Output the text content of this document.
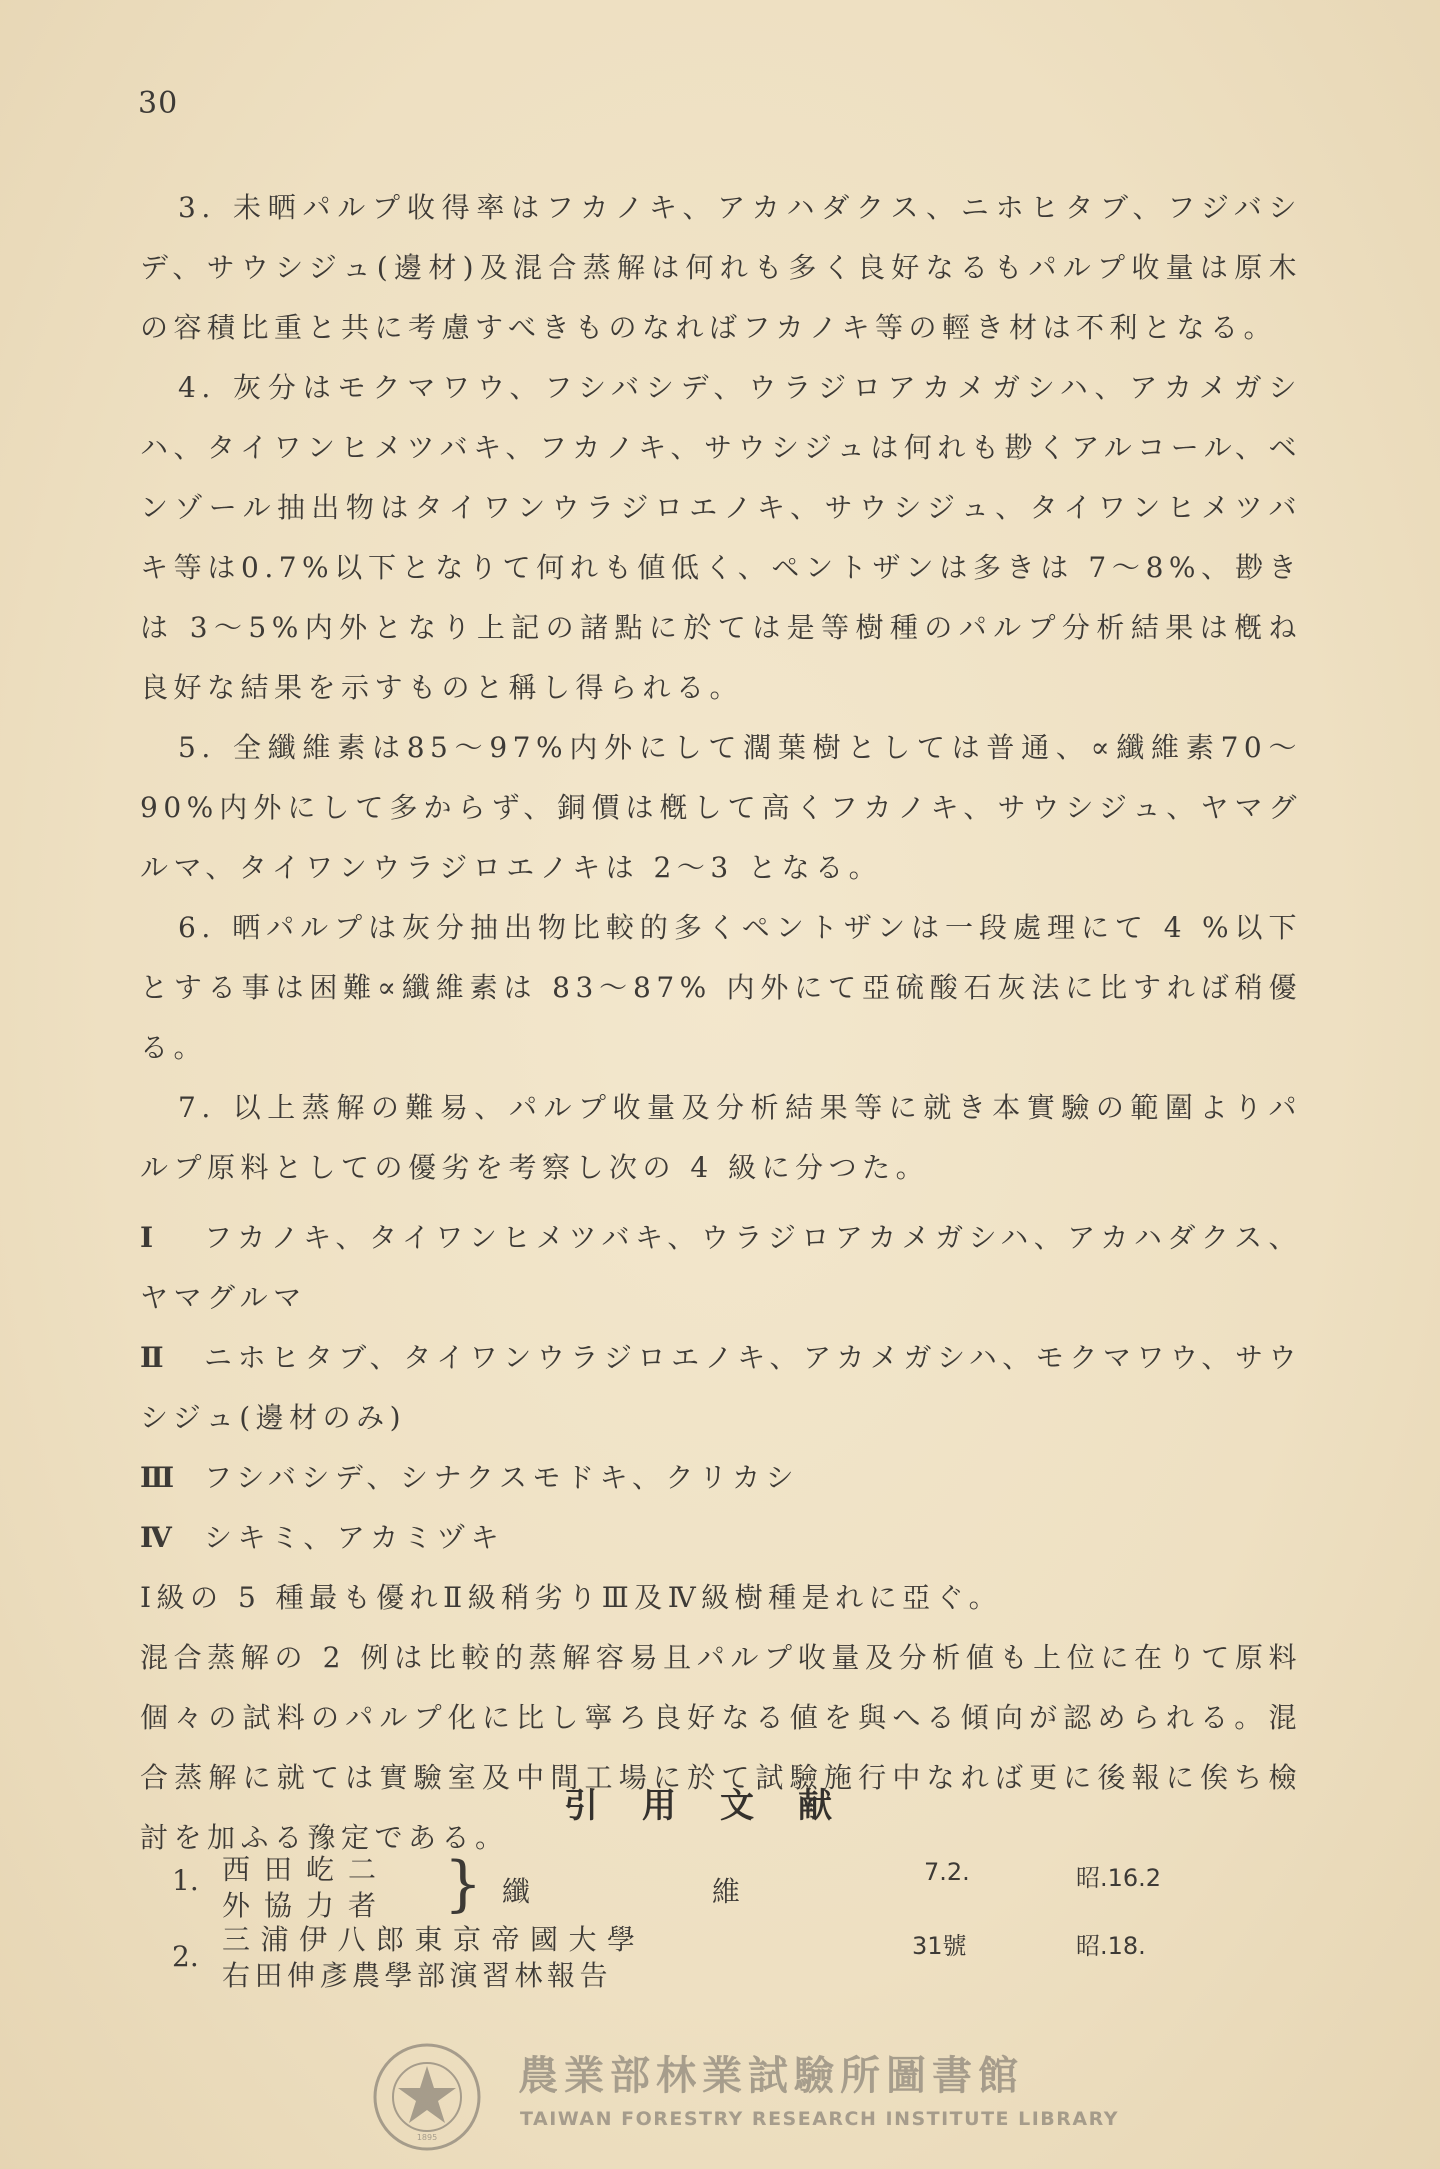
30

3. 未晒パルプ收得率はフカノキ、アカハダクス、ニホヒタブ、フジバシデ、サウシジュ(邊材)及混合蒸解は何れも多く良好なるもパルプ收量は原木の容積比重と共に考慮すべきものなればフカノキ等の輕き材は不利となる。

4. 灰分はモクマワウ、フシバシデ、ウラジロアカメガシハ、アカメガシハ、タイワンヒメツバキ、フカノキ、サウシジュは何れも尠くアルコール、ベンゾール抽出物はタイワンウラジロエノキ、サウシジュ、タイワンヒメツバキ等は0.7%以下となりて何れも値低く、ペントザンは多きは 7～8%、尠きは 3～5%内外となり上記の諸點に於ては是等樹種のパルプ分析結果は槪ね良好な結果を示すものと稱し得られる。

5. 全纖維素は85～97%内外にして濶葉樹としては普通、∝纖維素70～90%内外にして多からず、銅價は槪して高くフカノキ、サウシジュ、ヤマグルマ、タイワンウラジロエノキは 2～3 となる。

6. 晒パルプは灰分抽出物比較的多くペントザンは一段處理にて 4 %以下とする事は困難∝纖維素は 83～87% 内外にて亞硫酸石灰法に比すれば稍優る。

7. 以上蒸解の難易、パルプ收量及分析結果等に就き本實驗の範圍よりパルプ原料としての優劣を考察し次の 4 級に分つた。

Ⅰ フカノキ、タイワンヒメツバキ、ウラジロアカメガシハ、アカハダクス、ヤマグルマ

Ⅱ ニホヒタブ、タイワンウラジロエノキ、アカメガシハ、モクマワウ、サウシジュ(邊材のみ)

Ⅲ フシバシデ、シナクスモドキ、クリカシ

Ⅳ シキミ、アカミヅキ

Ⅰ級の 5 種最も優れⅡ級稍劣りⅢ及Ⅳ級樹種是れに亞ぐ。

混合蒸解の 2 例は比較的蒸解容易且パルプ收量及分析値も上位に在りて原料個々の試料のパルプ化に比し寧ろ良好なる値を與へる傾向が認められる。混合蒸解に就ては實驗室及中間工場に於て試驗施行中なれば更に後報に俟ち檢討を加ふる豫定である。

引用文献
1. 西田屹二
外協力者 } 纖　　　　　　維
7.2.	昭.16.2
2.
三浦伊八郎東京帝國大學
右田伸彥農學部演習林報告
31號	昭.18.
1895
農業部林業試驗所圖書館
TAIWAN FORESTRY RESEARCH INSTITUTE LIBRARY
